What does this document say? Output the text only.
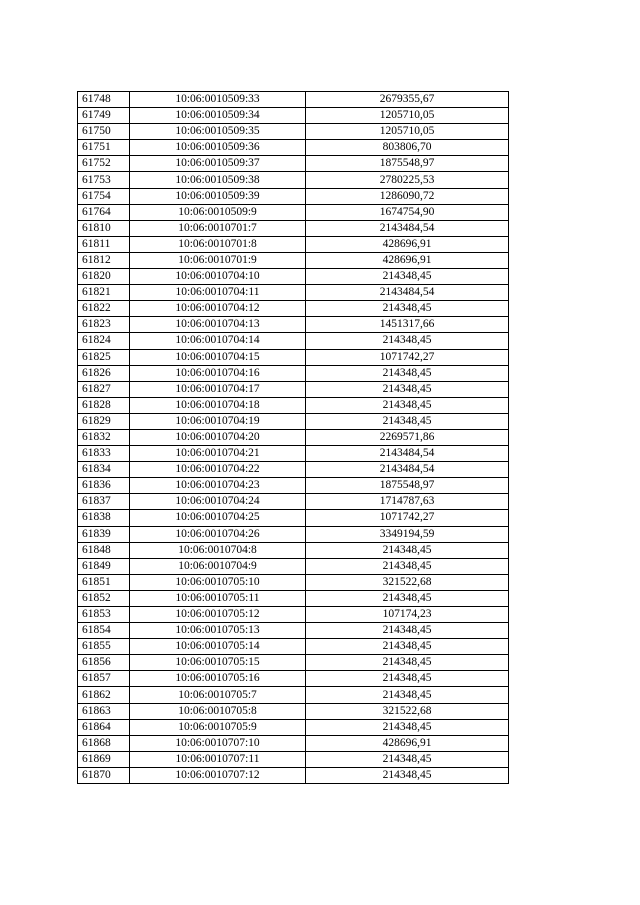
61748	10:06:0010509:33	2679355,67
61749	10:06:0010509:34	1205710,05
61750	10:06:0010509:35	1205710,05
61751	10:06:0010509:36	803806,70
61752	10:06:0010509:37	1875548,97
61753	10:06:0010509:38	2780225,53
61754	10:06:0010509:39	1286090,72
61764	10:06:0010509:9	1674754,90
61810	10:06:0010701:7	2143484,54
61811	10:06:0010701:8	428696,91
61812	10:06:0010701:9	428696,91
61820	10:06:0010704:10	214348,45
61821	10:06:0010704:11	2143484,54
61822	10:06:0010704:12	214348,45
61823	10:06:0010704:13	1451317,66
61824	10:06:0010704:14	214348,45
61825	10:06:0010704:15	1071742,27
61826	10:06:0010704:16	214348,45
61827	10:06:0010704:17	214348,45
61828	10:06:0010704:18	214348,45
61829	10:06:0010704:19	214348,45
61832	10:06:0010704:20	2269571,86
61833	10:06:0010704:21	2143484,54
61834	10:06:0010704:22	2143484,54
61836	10:06:0010704:23	1875548,97
61837	10:06:0010704:24	1714787,63
61838	10:06:0010704:25	1071742,27
61839	10:06:0010704:26	3349194,59
61848	10:06:0010704:8	214348,45
61849	10:06:0010704:9	214348,45
61851	10:06:0010705:10	321522,68
61852	10:06:0010705:11	214348,45
61853	10:06:0010705:12	107174,23
61854	10:06:0010705:13	214348,45
61855	10:06:0010705:14	214348,45
61856	10:06:0010705:15	214348,45
61857	10:06:0010705:16	214348,45
61862	10:06:0010705:7	214348,45
61863	10:06:0010705:8	321522,68
61864	10:06:0010705:9	214348,45
61868	10:06:0010707:10	428696,91
61869	10:06:0010707:11	214348,45
61870	10:06:0010707:12	214348,45
